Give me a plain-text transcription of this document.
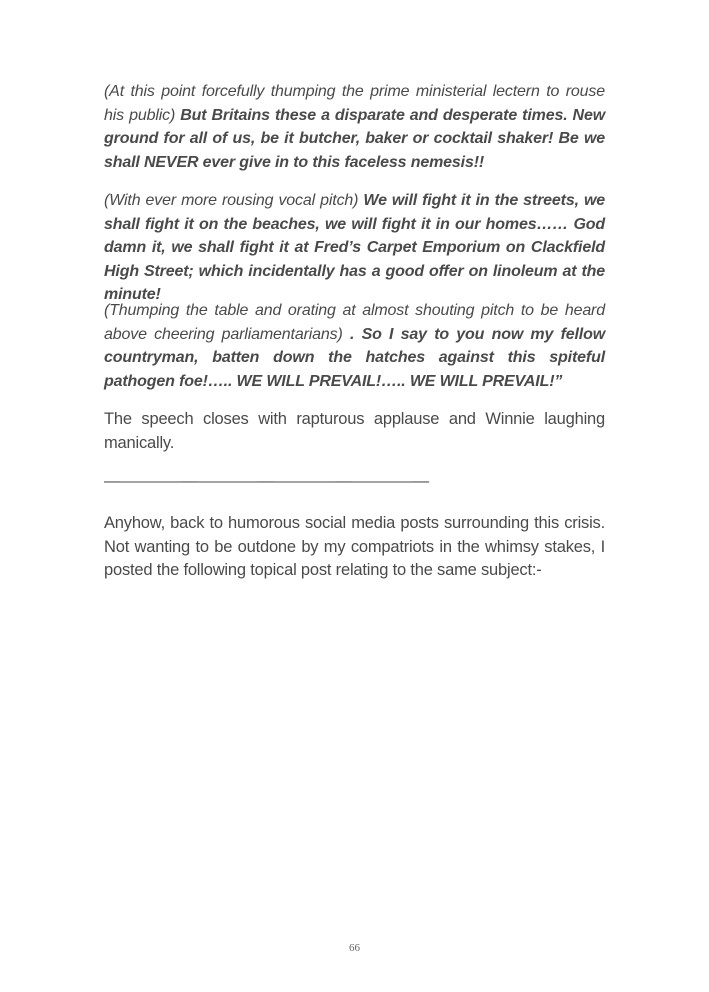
(At this point forcefully thumping the prime ministerial lectern to rouse his public) But Britains these a disparate and desperate times. New ground for all of us, be it butcher, baker or cocktail shaker! Be we shall NEVER ever give in to this faceless nemesis!!
(With ever more rousing vocal pitch) We will fight it in the streets, we shall fight it on the beaches, we will fight it in our homes…… God damn it, we shall fight it at Fred’s Carpet Emporium on Clackfield High Street; which incidentally has a good offer on linoleum at the minute!
(Thumping the table and orating at almost shouting pitch to be heard above cheering parliamentarians) . So I say to you now my fellow countryman, batten down the hatches against this spiteful pathogen foe!….. WE WILL PREVAIL!….. WE WILL PREVAIL!”
The speech closes with rapturous applause and Winnie laughing manically.
————————————————————––
Anyhow, back to humorous social media posts surrounding this crisis. Not wanting to be outdone by my compatriots in the whimsy stakes, I posted the following topical post relating to the same subject:-
66
